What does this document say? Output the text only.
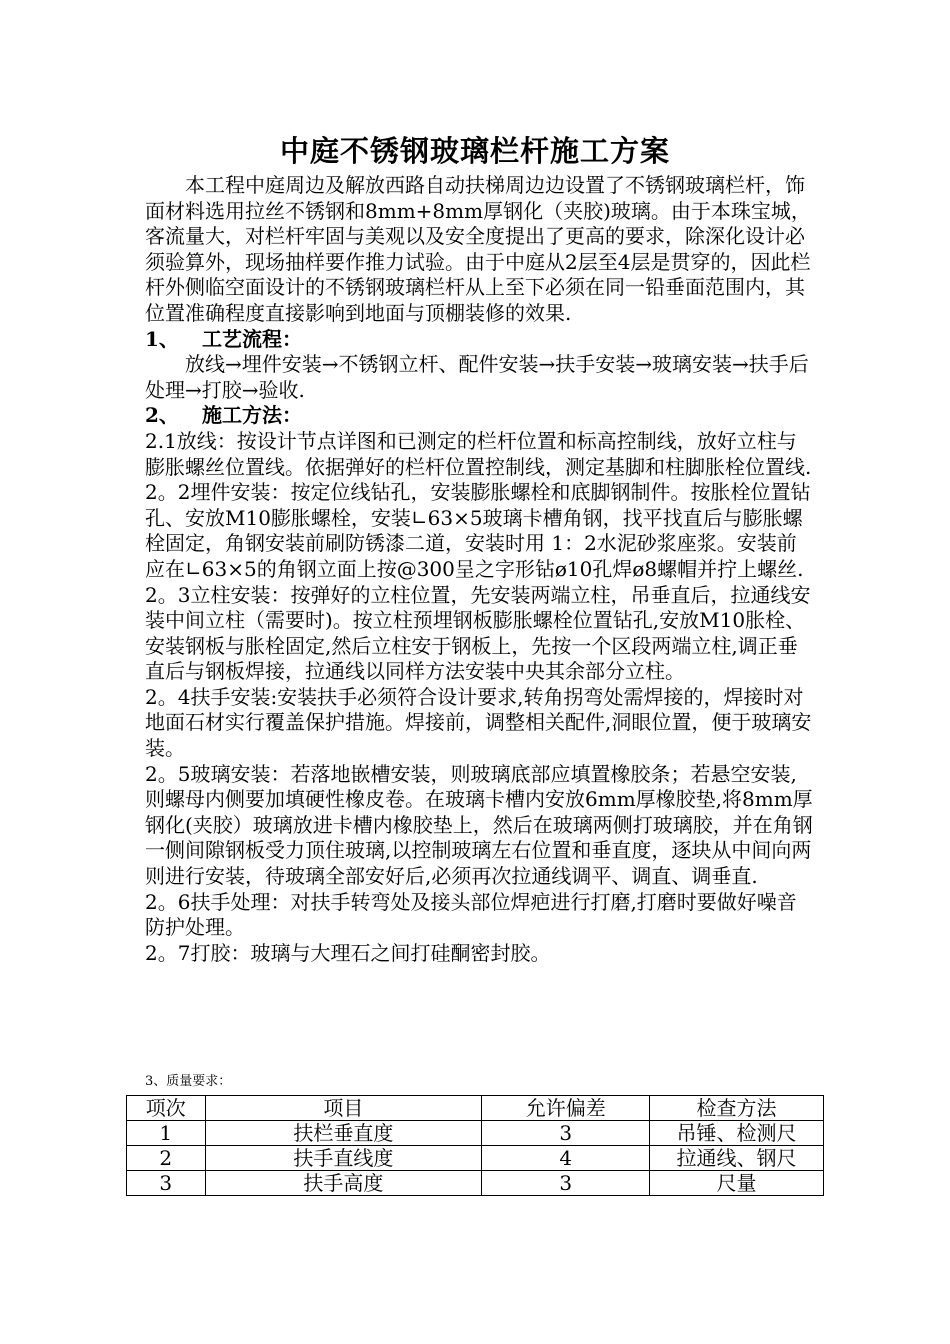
中庭不锈钢玻璃栏杆施工方案

本工程中庭周边及解放西路自动扶梯周边边设置了不锈钢玻璃栏杆，饰面材料选用拉丝不锈钢和8mm+8mm厚钢化（夹胶)玻璃。由于本珠宝城，客流量大，对栏杆牢固与美观以及安全度提出了更高的要求，除深化设计必须验算外，现场抽样要作推力试验。由于中庭从2层至4层是贯穿的，因此栏杆外侧临空面设计的不锈钢玻璃栏杆从上至下必须在同一铅垂面范围内，其位置准确程度直接影响到地面与顶棚装修的效果.

1、 工艺流程：

放线→埋件安装→不锈钢立杆、配件安装→扶手安装→玻璃安装→扶手后处理→打胶→验收.

2、 施工方法：

2.1放线：按设计节点详图和已测定的栏杆位置和标高控制线，放好立柱与膨胀螺丝位置线。依据弹好的栏杆位置控制线，测定基脚和柱脚胀栓位置线.

2。2埋件安装：按定位线钻孔，安装膨胀螺栓和底脚钢制件。按胀栓位置钻孔、安放M10膨胀螺栓，安装∟63×5玻璃卡槽角钢，找平找直后与膨胀螺栓固定，角钢安装前刷防锈漆二道，安装时用 1：2水泥砂浆座浆。安装前应在∟63×5的角钢立面上按@300呈之字形钻ø10孔焊ø8螺帽并拧上螺丝.

2。3立柱安装：按弹好的立柱位置，先安装两端立柱，吊垂直后，拉通线安装中间立柱（需要时)。按立柱预埋钢板膨胀螺栓位置钻孔,安放M10胀栓、安装钢板与胀栓固定,然后立柱安于钢板上，先按一个区段两端立柱,调正垂直后与钢板焊接，拉通线以同样方法安装中央其余部分立柱。

2。4扶手安装:安装扶手必须符合设计要求,转角拐弯处需焊接的，焊接时对地面石材实行覆盖保护措施。焊接前，调整相关配件,洞眼位置，便于玻璃安装。

2。5玻璃安装：若落地嵌槽安装，则玻璃底部应填置橡胶条；若悬空安装,则螺母内侧要加填硬性橡皮卷。在玻璃卡槽内安放6mm厚橡胶垫,将8mm厚钢化(夹胶）玻璃放进卡槽内橡胶垫上，然后在玻璃两侧打玻璃胶，并在角钢一侧间隙钢板受力顶住玻璃,以控制玻璃左右位置和垂直度，逐块从中间向两则进行安装，待玻璃全部安好后,必须再次拉通线调平、调直、调垂直.

2。6扶手处理：对扶手转弯处及接头部位焊疤进行打磨,打磨时要做好噪音防护处理。

2。7打胶：玻璃与大理石之间打硅酮密封胶。

3、质量要求：
项次	项目	允许偏差	检查方法
1	扶栏垂直度	3	吊锤、检测尺
2	扶手直线度	4	拉通线、钢尺
3	扶手高度	3	尺量
